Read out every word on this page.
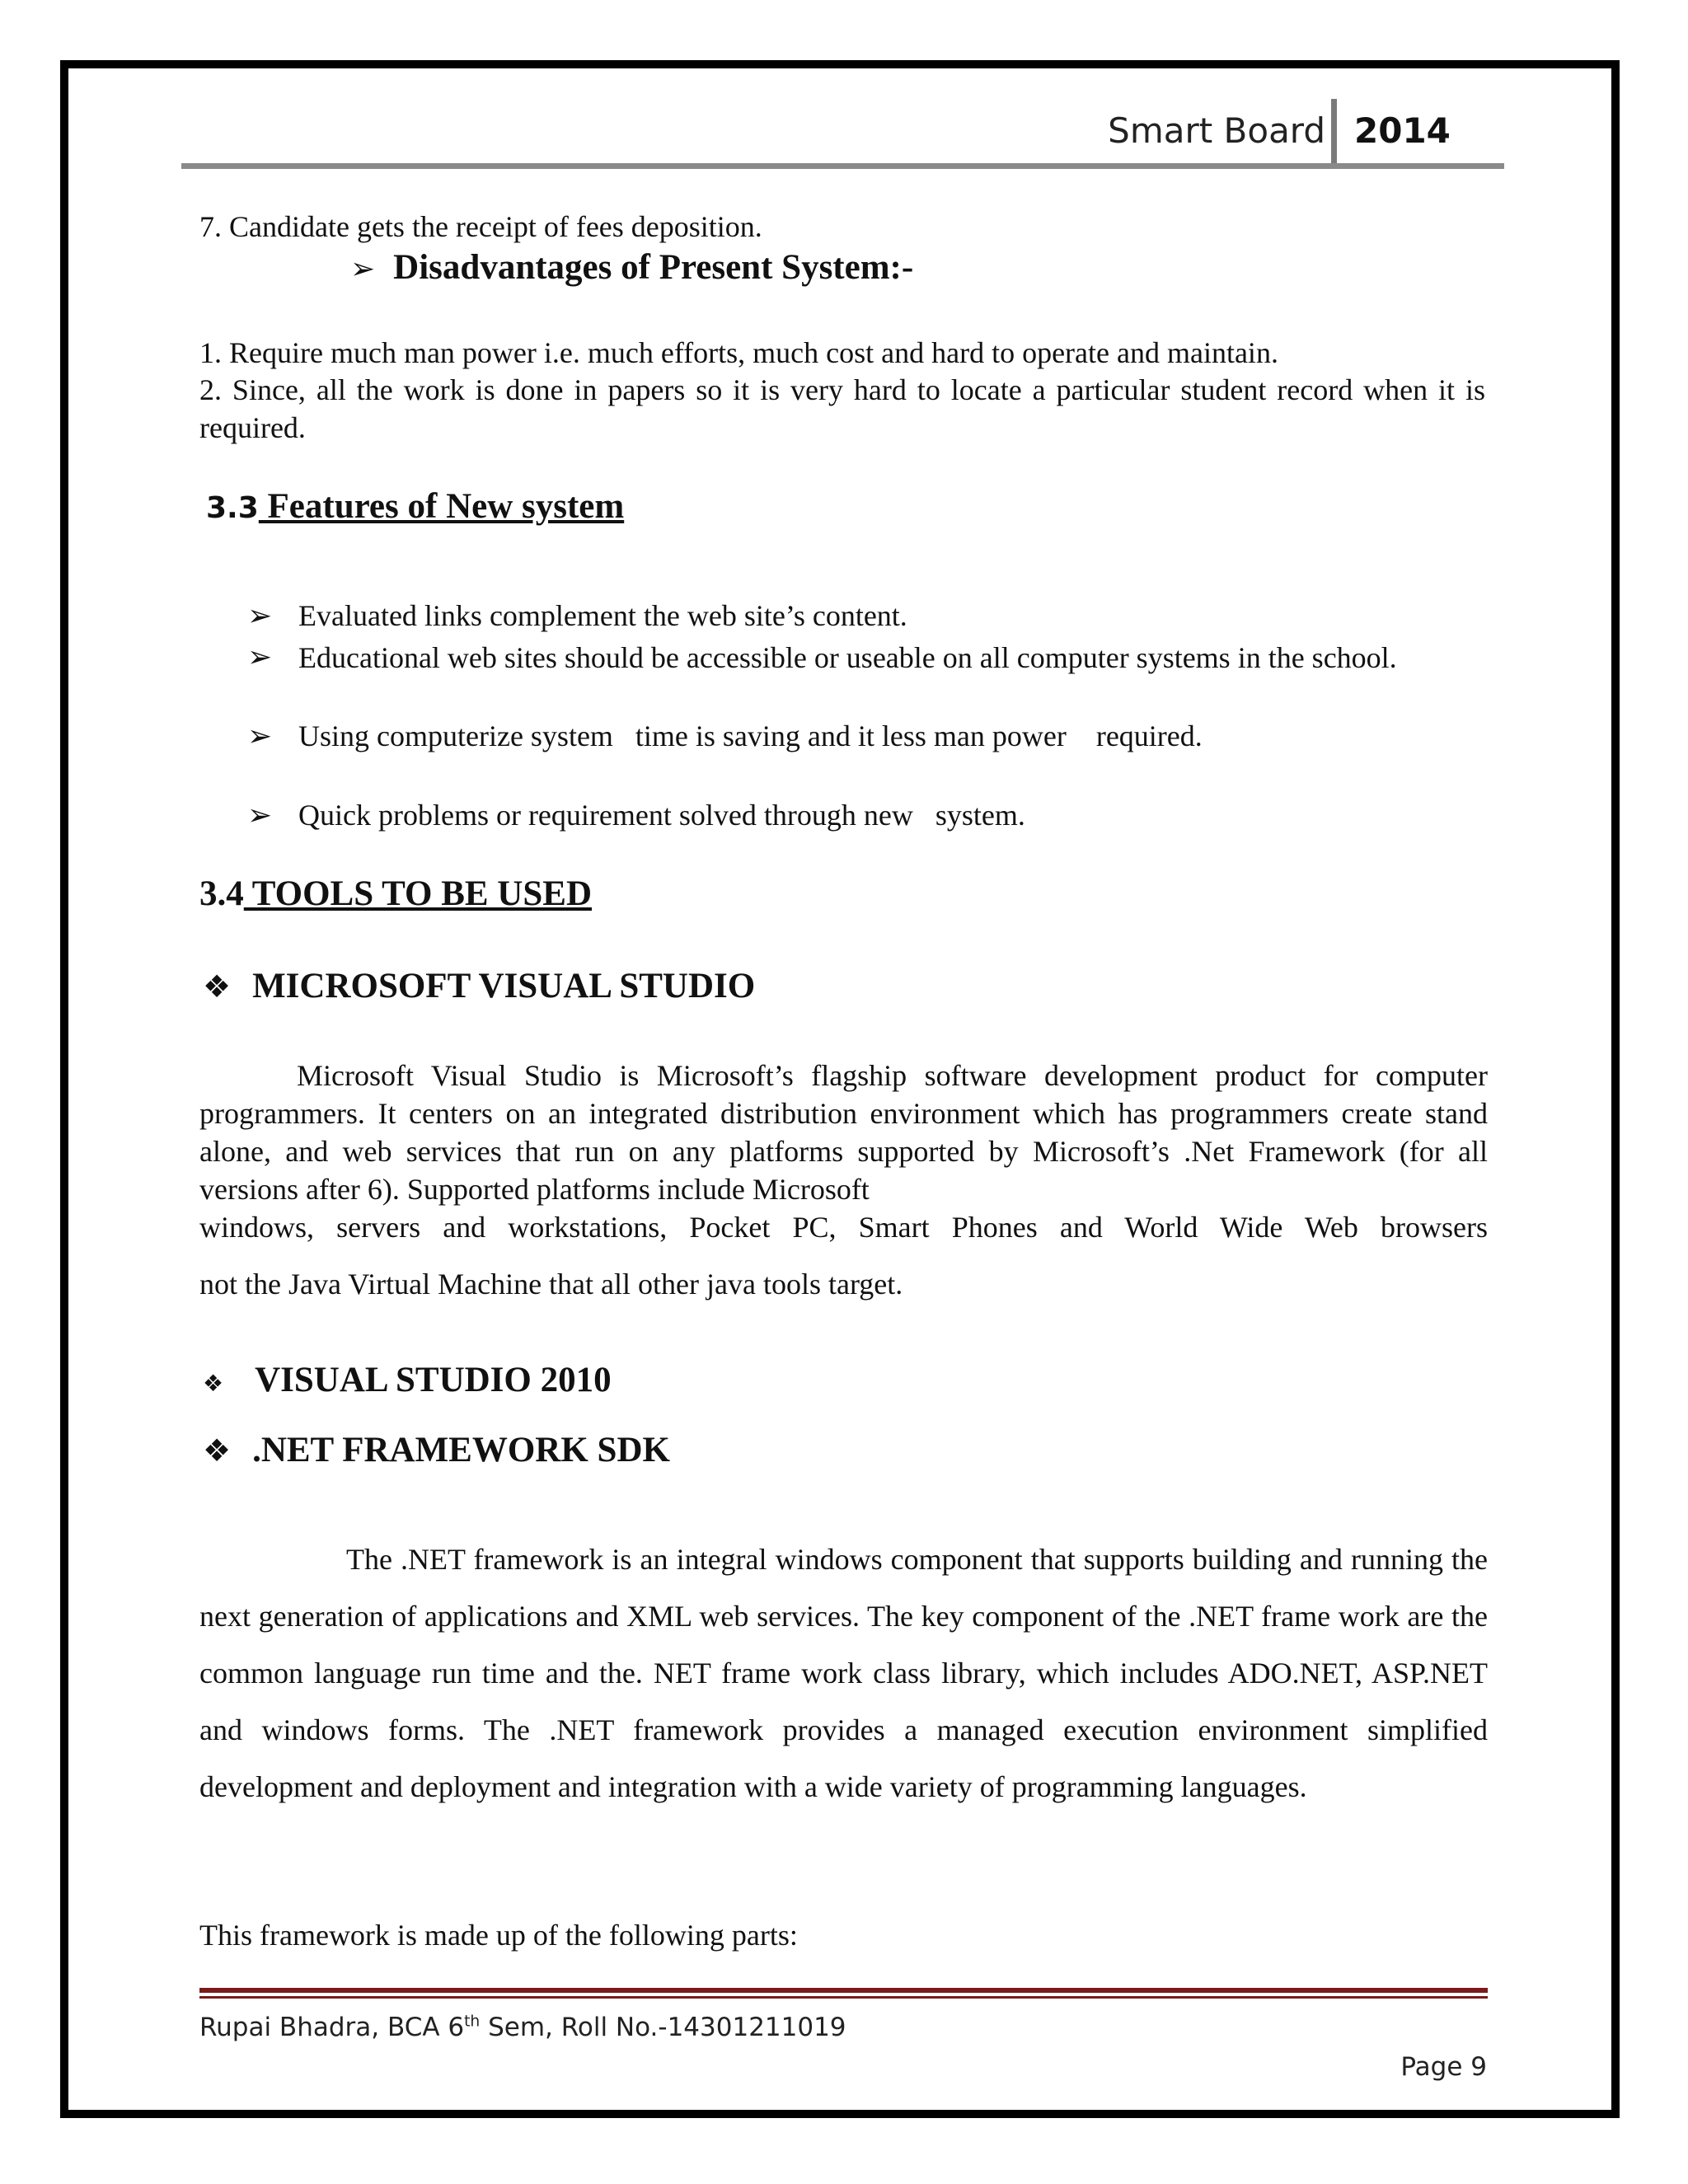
Smart Board 2014
7. Candidate gets the receipt of fees deposition.
➢ Disadvantages of Present System:-
1. Require much man power i.e. much efforts, much cost and hard to operate and maintain.
2. Since, all the work is done in papers so it is very hard to locate a particular student record when it is required.
3.3 Features of New system
➢ Evaluated links complement the web site’s content.
➢ Educational web sites should be accessible or useable on all computer systems in the school.
➢ Using computerize system   time is saving and it less man power    required.
➢ Quick problems or requirement solved through new   system.
3.4 TOOLS TO BE USED
❖ MICROSOFT VISUAL STUDIO
Microsoft Visual Studio is Microsoft’s flagship software development product for computer programmers. It centers on an integrated distribution environment which has programmers create stand alone, and web services that run on any platforms supported by Microsoft’s .Net Framework (for all versions after 6). Supported platforms include Microsoft
windows, servers and workstations, Pocket PC, Smart Phones and World Wide Web browsers
not the Java Virtual Machine that all other java tools target.
❖ VISUAL STUDIO 2010
❖ .NET FRAMEWORK SDK
The .NET framework is an integral windows component that supports building and running the next generation of applications and XML web services. The key component of the .NET frame work are the common language run time and the. NET frame work class library, which includes ADO.NET, ASP.NET and windows forms. The .NET framework provides a managed execution environment simplified development and deployment and integration with a wide variety of programming languages.
This framework is made up of the following parts:
Rupai Bhadra, BCA 6th Sem, Roll No.-14301211019
Page 9
